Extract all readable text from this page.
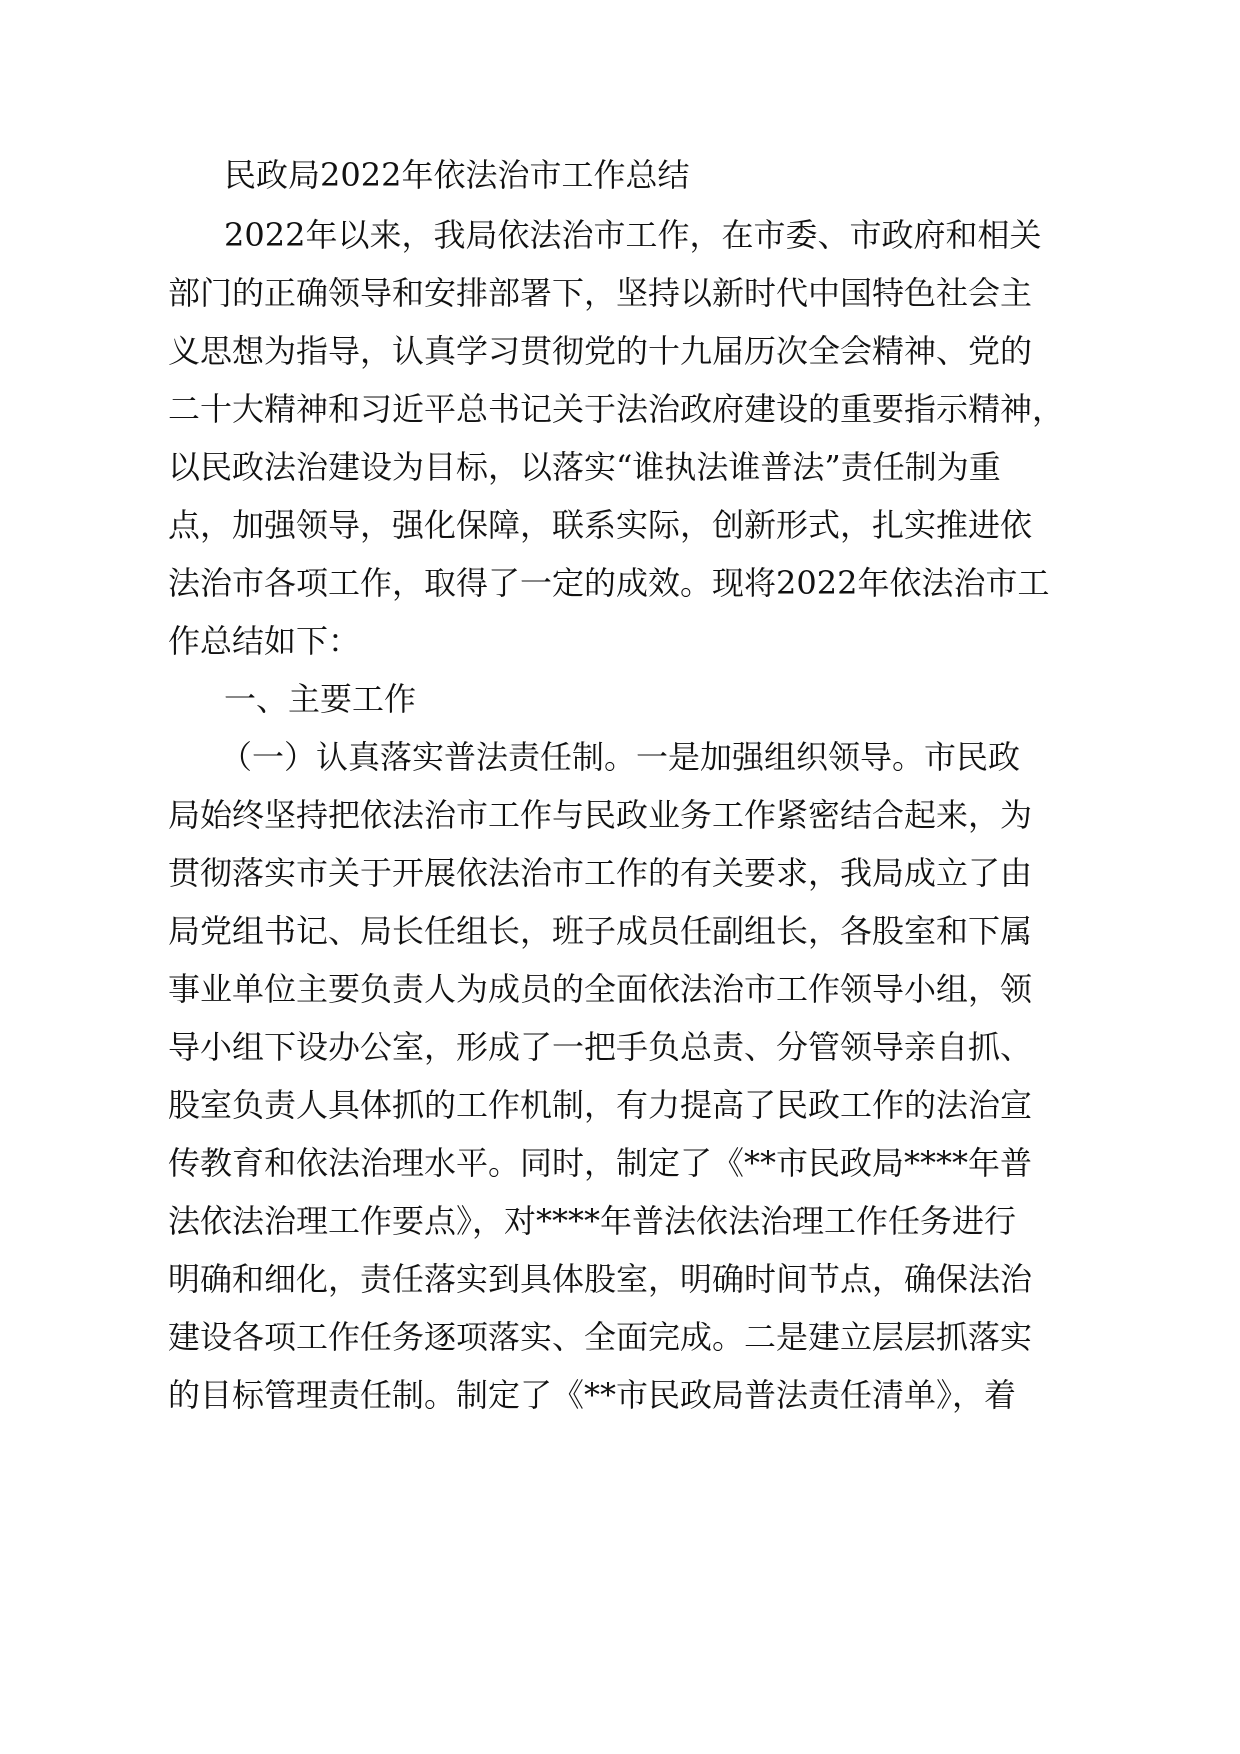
民政局2022年依法治市工作总结
2022年以来，我局依法治市工作，在市委、市政府和相关
部门的正确领导和安排部署下，坚持以新时代中国特色社会主
义思想为指导，认真学习贯彻党的十九届历次全会精神、党的
二十大精神和习近平总书记关于法治政府建设的重要指示精神，
以民政法治建设为目标，以落实“谁执法谁普法”责任制为重
点，加强领导，强化保障，联系实际，创新形式，扎实推进依
法治市各项工作，取得了一定的成效。现将2022年依法治市工
作总结如下：
一、主要工作
（一）认真落实普法责任制。一是加强组织领导。市民政
局始终坚持把依法治市工作与民政业务工作紧密结合起来，为
贯彻落实市关于开展依法治市工作的有关要求，我局成立了由
局党组书记、局长任组长，班子成员任副组长，各股室和下属
事业单位主要负责人为成员的全面依法治市工作领导小组，领
导小组下设办公室，形成了一把手负总责、分管领导亲自抓、
股室负责人具体抓的工作机制，有力提高了民政工作的法治宣
传教育和依法治理水平。同时，制定了《**市民政局****年普
法依法治理工作要点》，对****年普法依法治理工作任务进行
明确和细化，责任落实到具体股室，明确时间节点，确保法治
建设各项工作任务逐项落实、全面完成。二是建立层层抓落实
的目标管理责任制。制定了《**市民政局普法责任清单》，着
